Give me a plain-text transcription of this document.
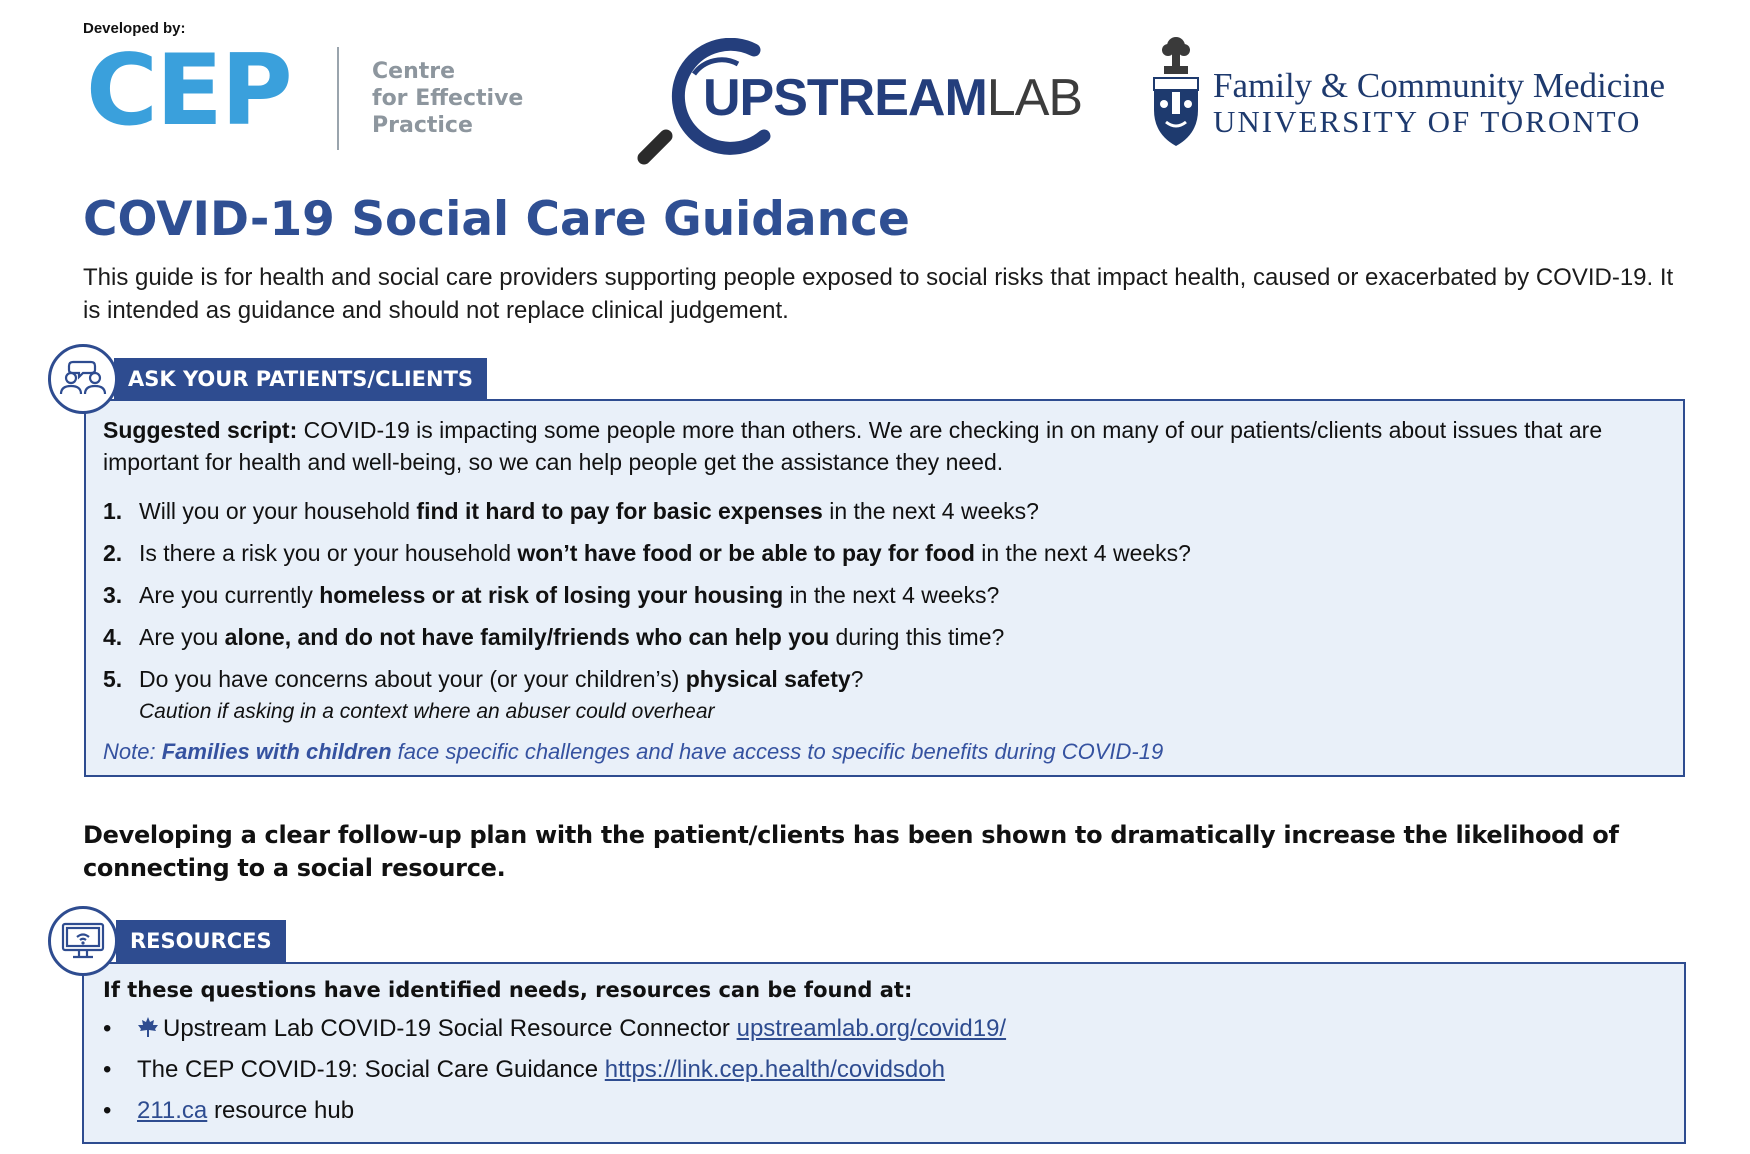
Developed by:
CEP	Centre
for Effective
Practice	UPSTREAMLAB	Family & Community Medicine
UNIVERSITY OF TORONTO
COVID-19 Social Care Guidance
This guide is for health and social care providers supporting people exposed to social risks that impact health, caused or exacerbated by COVID-19. It is intended as guidance and should not replace clinical judgement.
ASK YOUR PATIENTS/CLIENTS
Suggested script: COVID-19 is impacting some people more than others. We are checking in on many of our patients/clients about issues that are important for health and well-being, so we can help people get the assistance they need.
1. Will you or your household find it hard to pay for basic expenses in the next 4 weeks?
2. Is there a risk you or your household won’t have food or be able to pay for food in the next 4 weeks?
3. Are you currently homeless or at risk of losing your housing in the next 4 weeks?
4. Are you alone, and do not have family/friends who can help you during this time?
5. Do you have concerns about your (or your children’s) physical safety?
Caution if asking in a context where an abuser could overhear
Note: Families with children face specific challenges and have access to specific benefits during COVID-19
Developing a clear follow-up plan with the patient/clients has been shown to dramatically increase the likelihood of connecting to a social resource.
RESOURCES
If these questions have identified needs, resources can be found at:
•	Upstream Lab COVID-19 Social Resource Connector upstreamlab.org/covid19/
• The CEP COVID-19: Social Care Guidance https://link.cep.health/covidsdoh
• 211.ca resource hub
